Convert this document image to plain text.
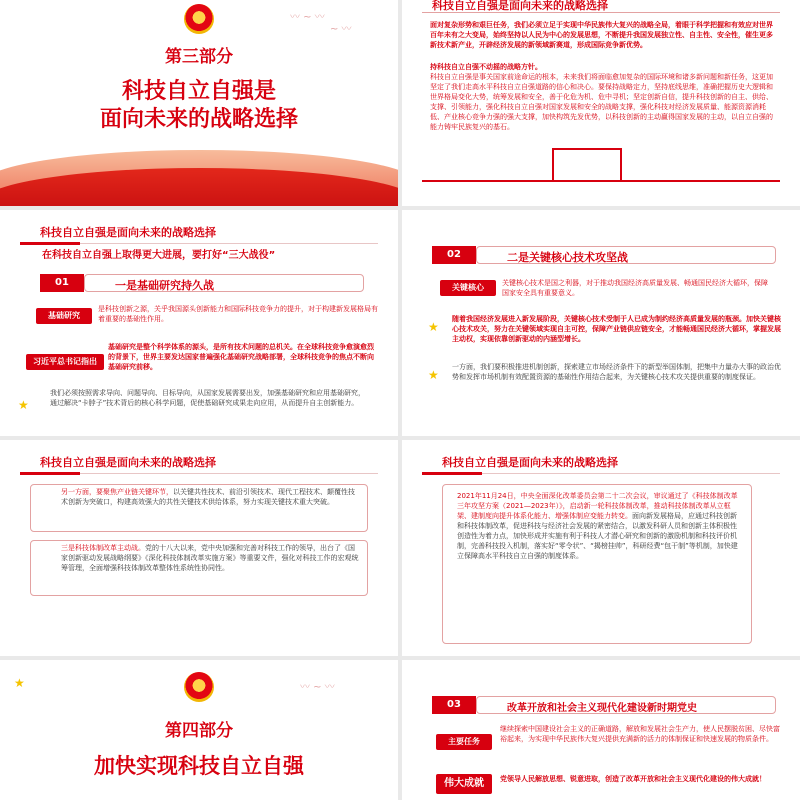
〰 ~ 〰
~ 〰
第三部分
科技自立自强是
面向未来的战略选择
科技自立自强是面向未来的战略选择
面对复杂形势和艰巨任务，我们必须立足于实现中华民族伟大复兴的战略全局，着眼于科学把握和有效应对世界百年未有之大变局，始终坚持以人民为中心的发展思想，不断提升我国发展独立性、自主性、安全性，催生更多新技术新产业，开辟经济发展的新领域新赛道，形成国际竞争新优势。
持科技自立自强不动摇的战略方针。
科技自立自强是事关国家前途命运的根本，未来我们将面临愈加复杂的国际环境和诸多新问题和新任务，这更加坚定了我们走高水平科技自立自强道路的信心和决心。要保持战略定力，坚持底线思维，准确把握历史大逻辑和世界格局变化大势，统筹发展和安全，善于化危为机、危中寻机；坚定创新自信，提升科技创新的自主、供给、支撑、引领能力，强化科技自立自强对国家发展和安全的战略支撑，强化科技对经济发展质量、能源资源消耗低、产业核心竞争力强的强大支撑，加快构筑先发优势，以科技创新的主动赢得国家发展的主动，以自立自强的能力铸牢民族复兴的基石。
科技自立自强是面向未来的战略选择
在科技自立自强上取得更大进展，要打好“三大战役”
01	一是基础研究持久战
基础研究
是科技创新之源，关乎我国源头创新能力和国际科技竞争力的提升，对于构建新发展格局有着重要的基础性作用。
习近平总书记指出
基础研究是整个科学体系的源头，是所有技术问题的总机关。在全球科技竞争愈演愈烈的背景下，世界主要发达国家普遍强化基础研究战略部署，全球科技竞争的焦点不断向基础研究前移。
★
我们必须按照需求导向、问题导向、目标导向，从国家发展需要出发，加强基础研究和应用基础研究，通过解决“卡脖子”技术背后的核心科学问题，促使基础研究成果走向应用，从而提升自主创新能力。
02	二是关键核心技术攻坚战
关键核心	关键核心技术是国之利器，对于推动我国经济高质量发展、畅通国民经济大循环，保障国家安全具有重要意义。
★
随着我国经济发展进入新发展阶段，关键核心技术受制于人已成为制约经济高质量发展的瓶颈。加快关键核心技术攻关，努力在关键领域实现自主可控，保障产业链供应链安全，才能畅通国民经济大循环，掌握发展主动权，实现依靠创新驱动的内涵型增长。
★
一方面，我们要积极推进机制创新，探索建立市场经济条件下的新型举国体制，把集中力量办大事的政治优势和发挥市场机制有效配置资源的基础性作用结合起来，为关键核心技术攻关提供重要的制度保证。
科技自立自强是面向未来的战略选择
另一方面，要聚焦产业链关键环节，以关键共性技术、前沿引领技术、现代工程技术、颠覆性技术创新为突破口，构建高效强大的共性关键技术供给体系，努力实现关键技术重大突破。
三是科技体制改革主动战。党的十八大以来，党中央加强和完善对科技工作的领导，出台了《国家创新驱动发展战略纲要》《深化科技体制改革实施方案》等重要文件，强化对科技工作的宏观统筹管理，全面增强科技体制改革整体性系统性协同性。
科技自立自强是面向未来的战略选择
2021年11月24日，中央全面深化改革委员会第二十二次会议，审议通过了《科技体制改革三年攻坚方案（2021—2023年）》，启动新一轮科技体制改革，推动科技体制改革从立框架、建制度向提升体系化能力、增强体制应变能力转变。面向新发展格局，应通过科技创新和科技体制改革，促进科技与经济社会发展的紧密结合，以激发科研人员和创新主体积极性创造性为着力点，加快形成并实施有利于科技人才潜心研究和创新的激励机制和科技评价机制，完善科技投入机制，落实好“零令状”、“揭榜挂帅”，科研经费“包干制”等机制，加快建立保障高水平科技自立自强的制度体系。
★	〰 ~ 〰
第四部分
加快实现科技自立自强
03	改革开放和社会主义现代化建设新时期党史
主要任务
继续探索中国建设社会主义的正确道路，解放和发展社会生产力，使人民摆脱贫困、尽快富裕起来，为实现中华民族伟大复兴提供充满新的活力的体制保证和快速发展的物质条件。
伟大成就	党领导人民解放思想、锐意进取，创造了改革开放和社会主义现代化建设的伟大成就！
